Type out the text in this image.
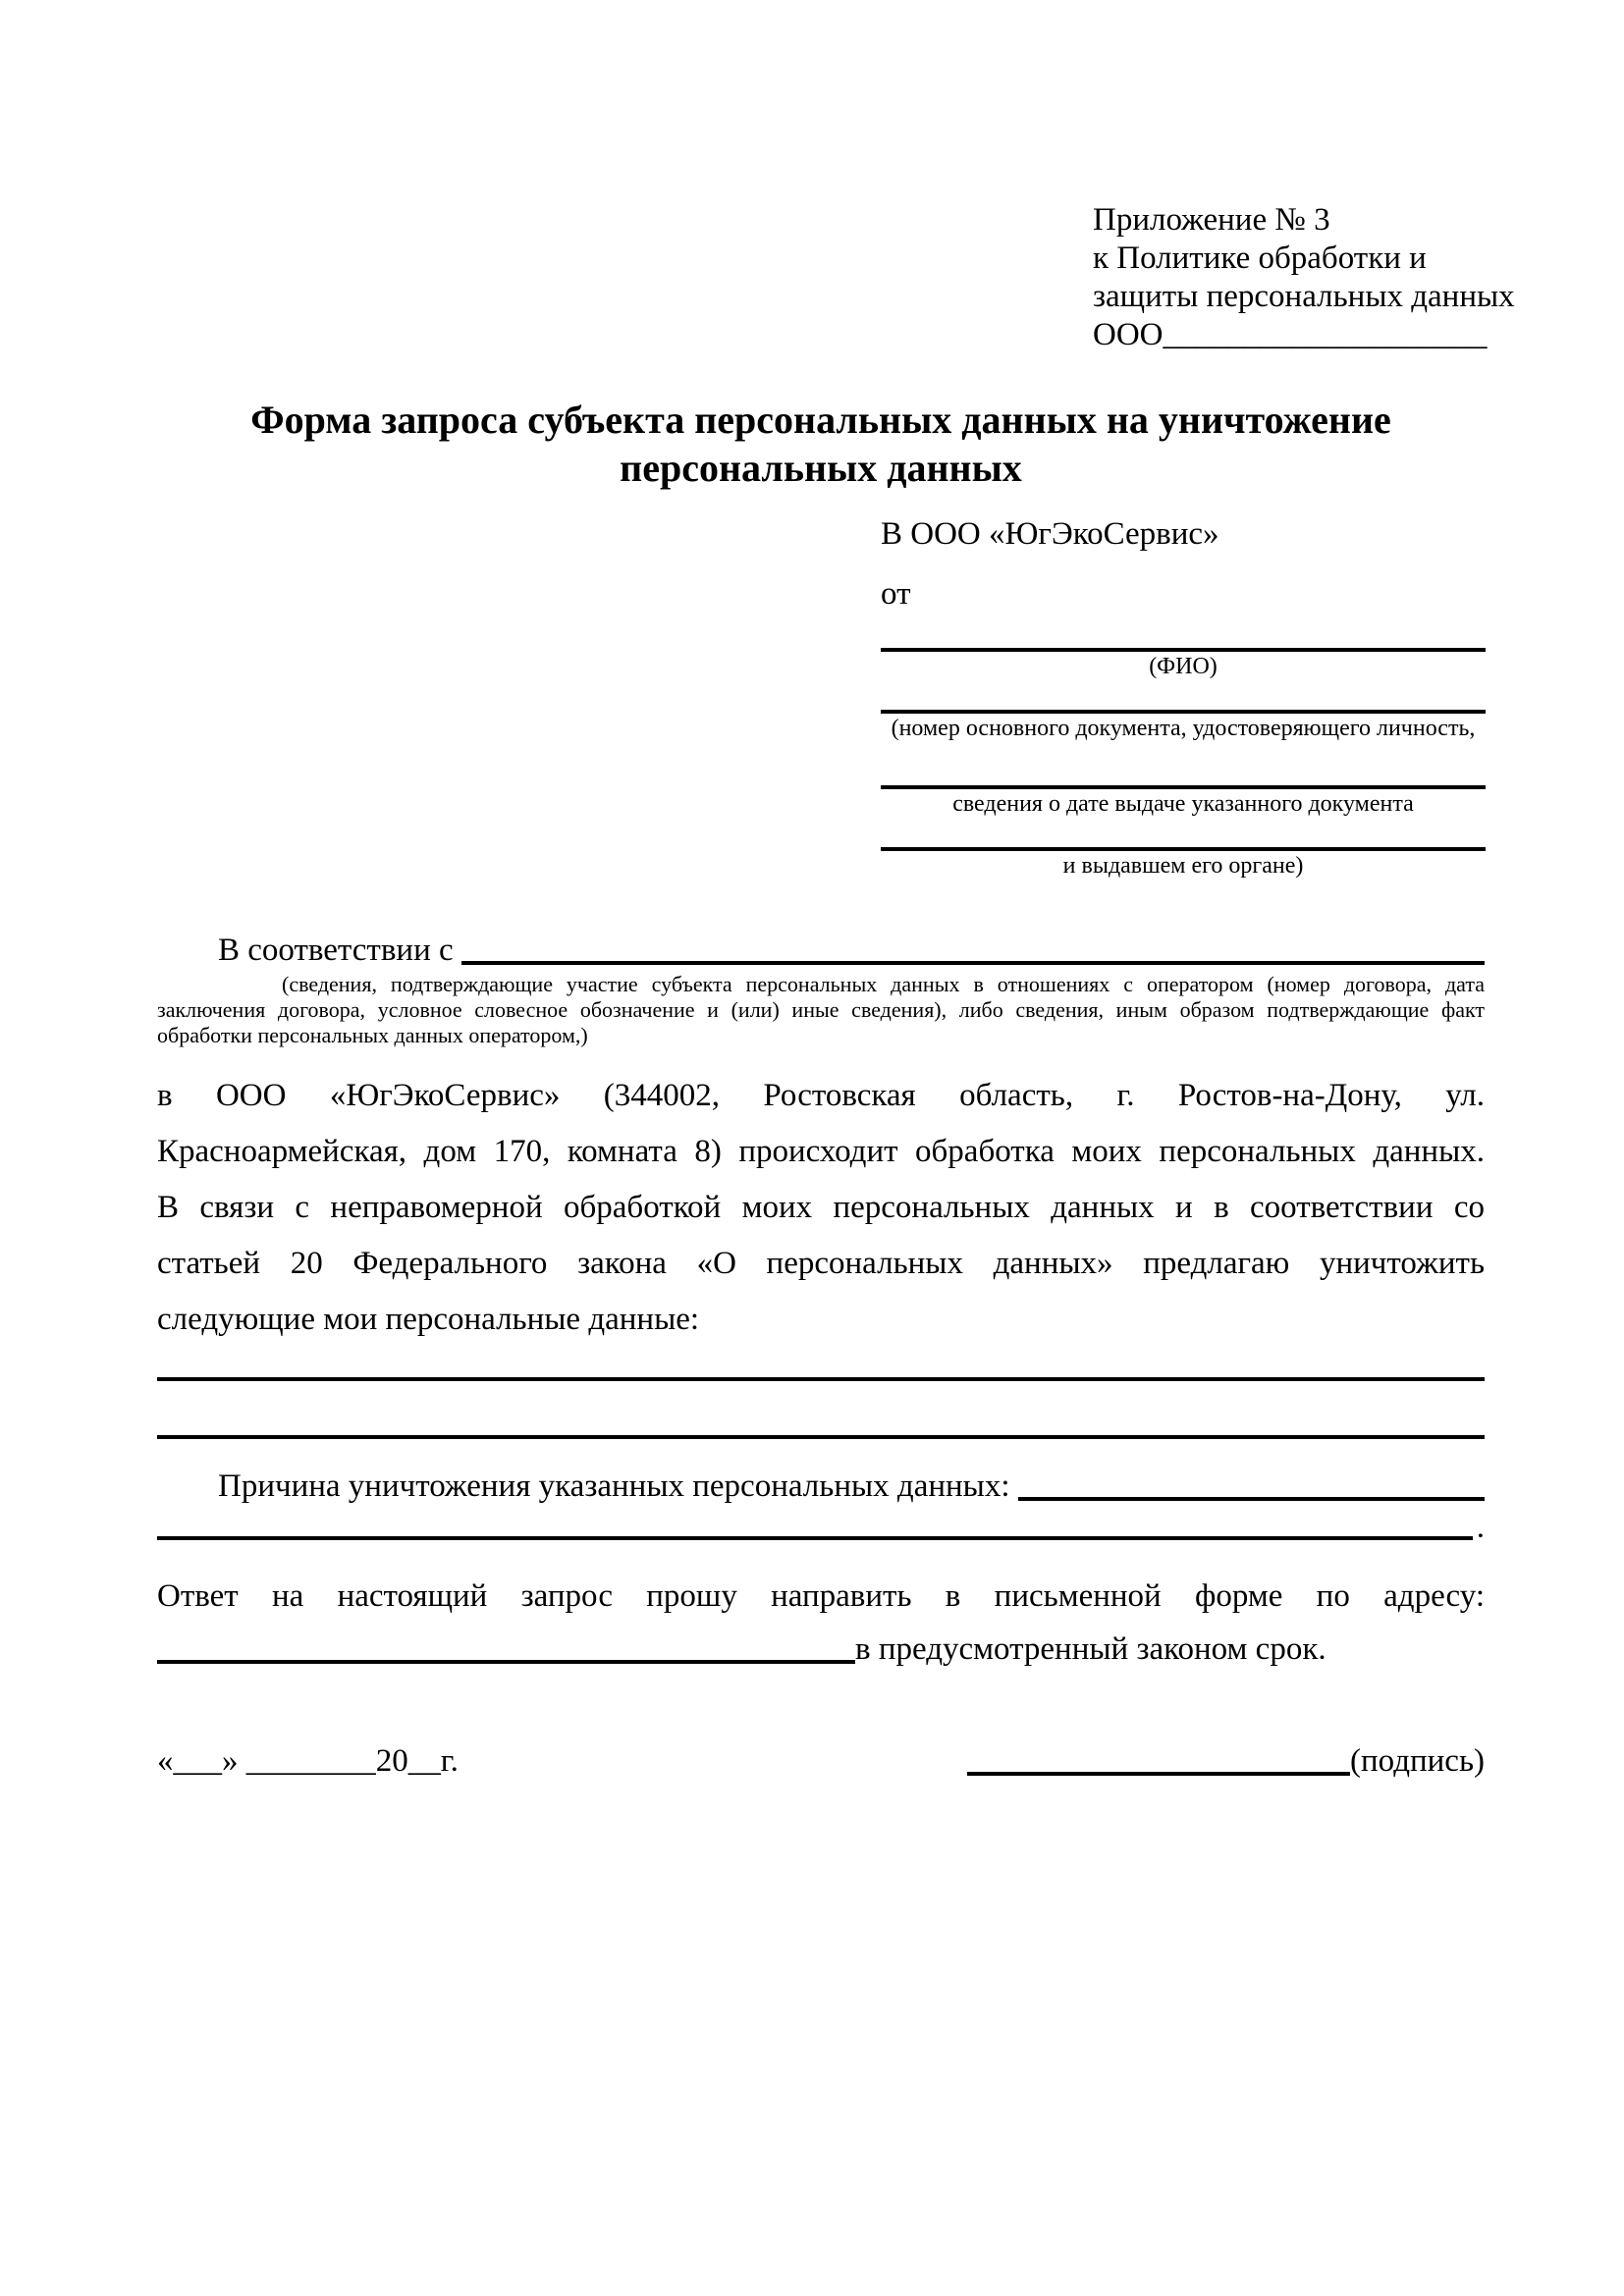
Приложение № 3
к Политике обработки и
защиты персональных данных
ООО____________________
Форма запроса субъекта персональных данных на уничтожение
персональных данных
В ООО «ЮгЭкоСервис»
от
(ФИО)
(номер основного документа, удостоверяющего личность,
сведения о дате выдаче указанного документа
и выдавшем его органе)
В соответствии с
(сведения, подтверждающие участие субъекта персональных данных в отношениях с оператором (номер договора, дата
заключения договора, условное словесное обозначение и (или) иные сведения), либо сведения, иным образом подтверждающие факт
обработки персональных данных оператором,)
в ООО «ЮгЭкоСервис» (344002, Ростовская область, г. Ростов-на-Дону, ул.
Красноармейская, дом 170, комната 8) происходит обработка моих персональных данных.
В связи с неправомерной обработкой моих персональных данных и в соответствии со
статьей 20 Федерального закона «О персональных данных» предлагаю уничтожить
следующие мои персональные данные:
Причина уничтожения указанных персональных данных:
.
Ответ на настоящий запрос прошу направить в письменной форме по адресу:
в предусмотренный законом срок.
«___» ________20__г.	(подпись)
